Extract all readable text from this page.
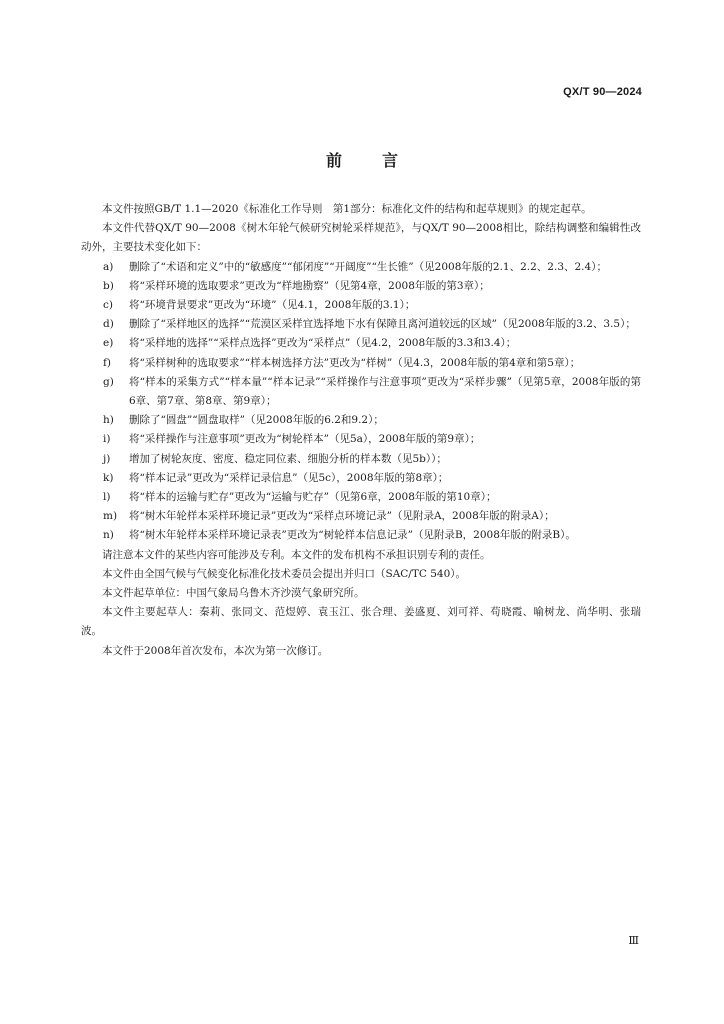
QX/T 90—2024
前言

本文件按照GB/T 1.1—2020《标准化工作导则　第1部分：标准化文件的结构和起草规则》的规定起草。

本文件代替QX/T 90—2008《树木年轮气候研究树轮采样规范》，与QX/T 90—2008相比，除结构调整和编辑性改动外，主要技术变化如下：

a)	删除了“术语和定义”中的“敏感度”“郁闭度”“开阔度”“生长锥”（见2008年版的2.1、2.2、2.3、2.4）；
b)	将“采样环境的选取要求”更改为“样地勘察”（见第4章，2008年版的第3章）；
c)	将“环境背景要求”更改为“环境”（见4.1，2008年版的3.1）；
d)	删除了“采样地区的选择”“荒漠区采样宜选择地下水有保障且离河道较远的区域”（见2008年版的3.2、3.5）；
e)	将“采样地的选择”“采样点选择”更改为“采样点”（见4.2，2008年版的3.3和3.4）；
f)	将“采样树种的选取要求”“样本树选择方法”更改为“样树”（见4.3，2008年版的第4章和第5章）；
g)	将“样本的采集方式”“样本量”“样本记录”“采样操作与注意事项”更改为“采样步骤”（见第5章，2008年版的第6章、第7章、第8章、第9章）；
h)	删除了“圆盘”“圆盘取样”（见2008年版的6.2和9.2）；
i)	将“采样操作与注意事项”更改为“树轮样本”（见5a），2008年版的第9章）；
j)	增加了树轮灰度、密度、稳定同位素、细胞分析的样本数（见5b））；
k)	将“样本记录”更改为“采样记录信息”（见5c），2008年版的第8章）；
l)	将“样本的运输与贮存”更改为“运输与贮存”（见第6章，2008年版的第10章）；
m)	将“树木年轮样本采样环境记录”更改为“采样点环境记录”（见附录A，2008年版的附录A）；
n)	将“树木年轮样本采样环境记录表”更改为“树轮样本信息记录”（见附录B，2008年版的附录B）。

请注意本文件的某些内容可能涉及专利。本文件的发布机构不承担识别专利的责任。

本文件由全国气候与气候变化标准化技术委员会提出并归口（SAC/TC 540）。

本文件起草单位：中国气象局乌鲁木齐沙漠气象研究所。

本文件主要起草人：秦莉、张同文、范煜婷、袁玉江、张合理、姜盛夏、刘可祥、苟晓霞、喻树龙、尚华明、张瑞波。

本文件于2008年首次发布，本次为第一次修订。

Ⅲ
